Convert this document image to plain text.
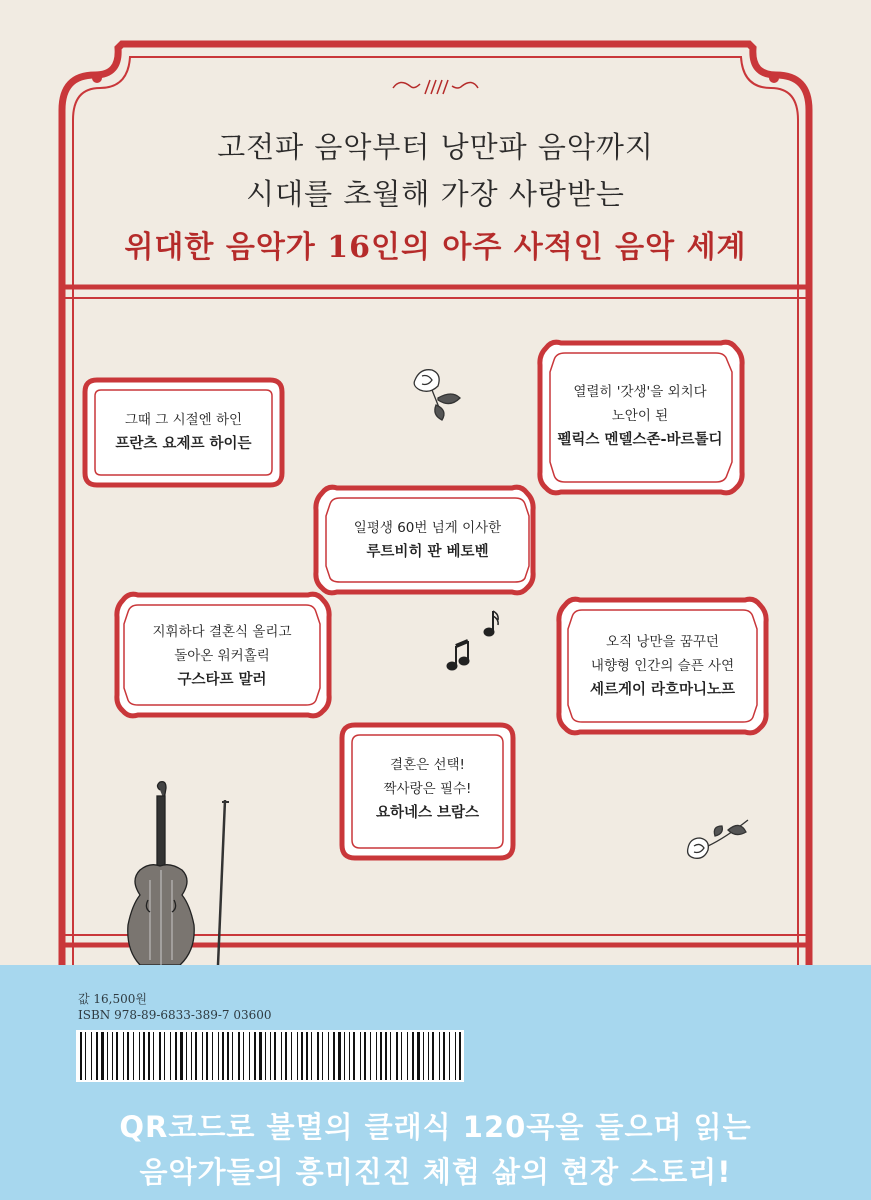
고전파 음악부터 낭만파 음악까지
시대를 초월해 가장 사랑받는
위대한 음악가 16인의 아주 사적인 음악 세계
그때 그 시절엔 하인
프란츠 요제프 하이든
열렬히 '갓생'을 외치다
노안이 된
펠릭스 멘델스존-바르톨디
일평생 60번 넘게 이사한
루트비히 판 베토벤
지휘하다 결혼식 올리고
돌아온 워커홀릭
구스타프 말러
오직 낭만을 꿈꾸던
내향형 인간의 슬픈 사연
세르게이 라흐마니노프
결혼은 선택!
짝사랑은 필수!
요하네스 브람스
값 16,500원
ISBN 978-89-6833-389-7 03600
QR코드로 불멸의 클래식 120곡을 들으며 읽는
음악가들의 흥미진진 체험 삶의 현장 스토리!
